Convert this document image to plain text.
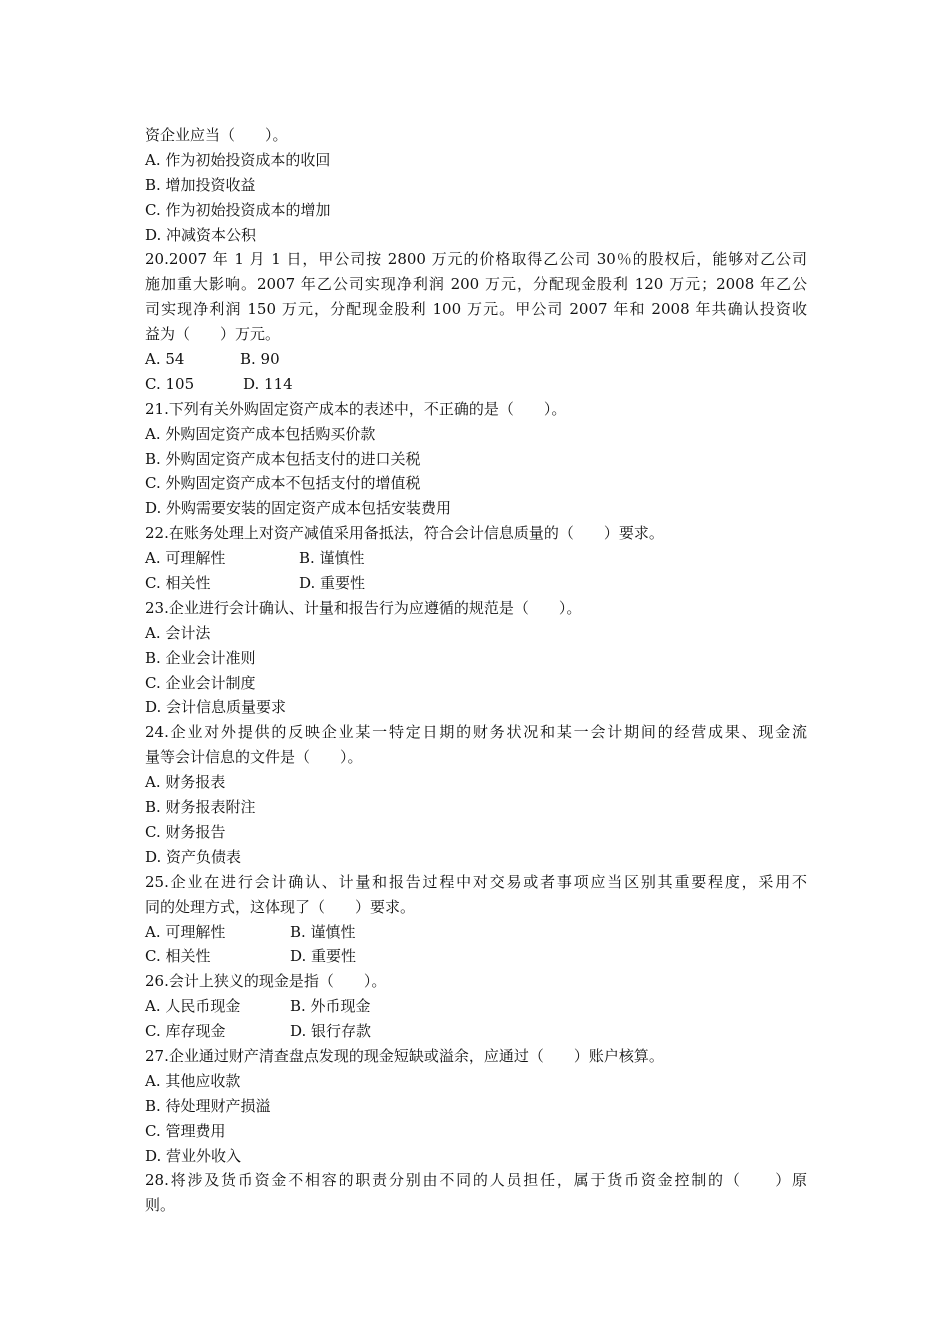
资企业应当（　　）。
A. 作为初始投资成本的收回
B. 增加投资收益
C. 作为初始投资成本的增加
D. 冲减资本公积
20.2007 年 1 月 1 日，甲公司按 2800 万元的价格取得乙公司 30％的股权后，能够对乙公司
施加重大影响。2007 年乙公司实现净利润 200 万元，分配现金股利 120 万元；2008 年乙公
司实现净利润 150 万元，分配现金股利 100 万元。甲公司 2007 年和 2008 年共确认投资收
益为（　　）万元。
A. 54	B. 90
C. 105	D. 114
21.下列有关外购固定资产成本的表述中，不正确的是（　　）。
A. 外购固定资产成本包括购买价款
B. 外购固定资产成本包括支付的进口关税
C. 外购固定资产成本不包括支付的增值税
D. 外购需要安装的固定资产成本包括安装费用
22.在账务处理上对资产减值采用备抵法，符合会计信息质量的（　　）要求。
A. 可理解性	B. 谨慎性
C. 相关性	D. 重要性
23.企业进行会计确认、计量和报告行为应遵循的规范是（　　）。
A. 会计法
B. 企业会计准则
C. 企业会计制度
D. 会计信息质量要求
24.企业对外提供的反映企业某一特定日期的财务状况和某一会计期间的经营成果、现金流
量等会计信息的文件是（　　）。
A. 财务报表
B. 财务报表附注
C. 财务报告
D. 资产负债表
25.企业在进行会计确认、计量和报告过程中对交易或者事项应当区别其重要程度，采用不
同的处理方式，这体现了（　　）要求。
A. 可理解性	B. 谨慎性
C. 相关性	D. 重要性
26.会计上狭义的现金是指（　　）。
A. 人民币现金	B. 外币现金
C. 库存现金	D. 银行存款
27.企业通过财产清查盘点发现的现金短缺或溢余，应通过（　　）账户核算。
A. 其他应收款
B. 待处理财产损溢
C. 管理费用
D. 营业外收入
28.将涉及货币资金不相容的职责分别由不同的人员担任，属于货币资金控制的（　　）原
则。
